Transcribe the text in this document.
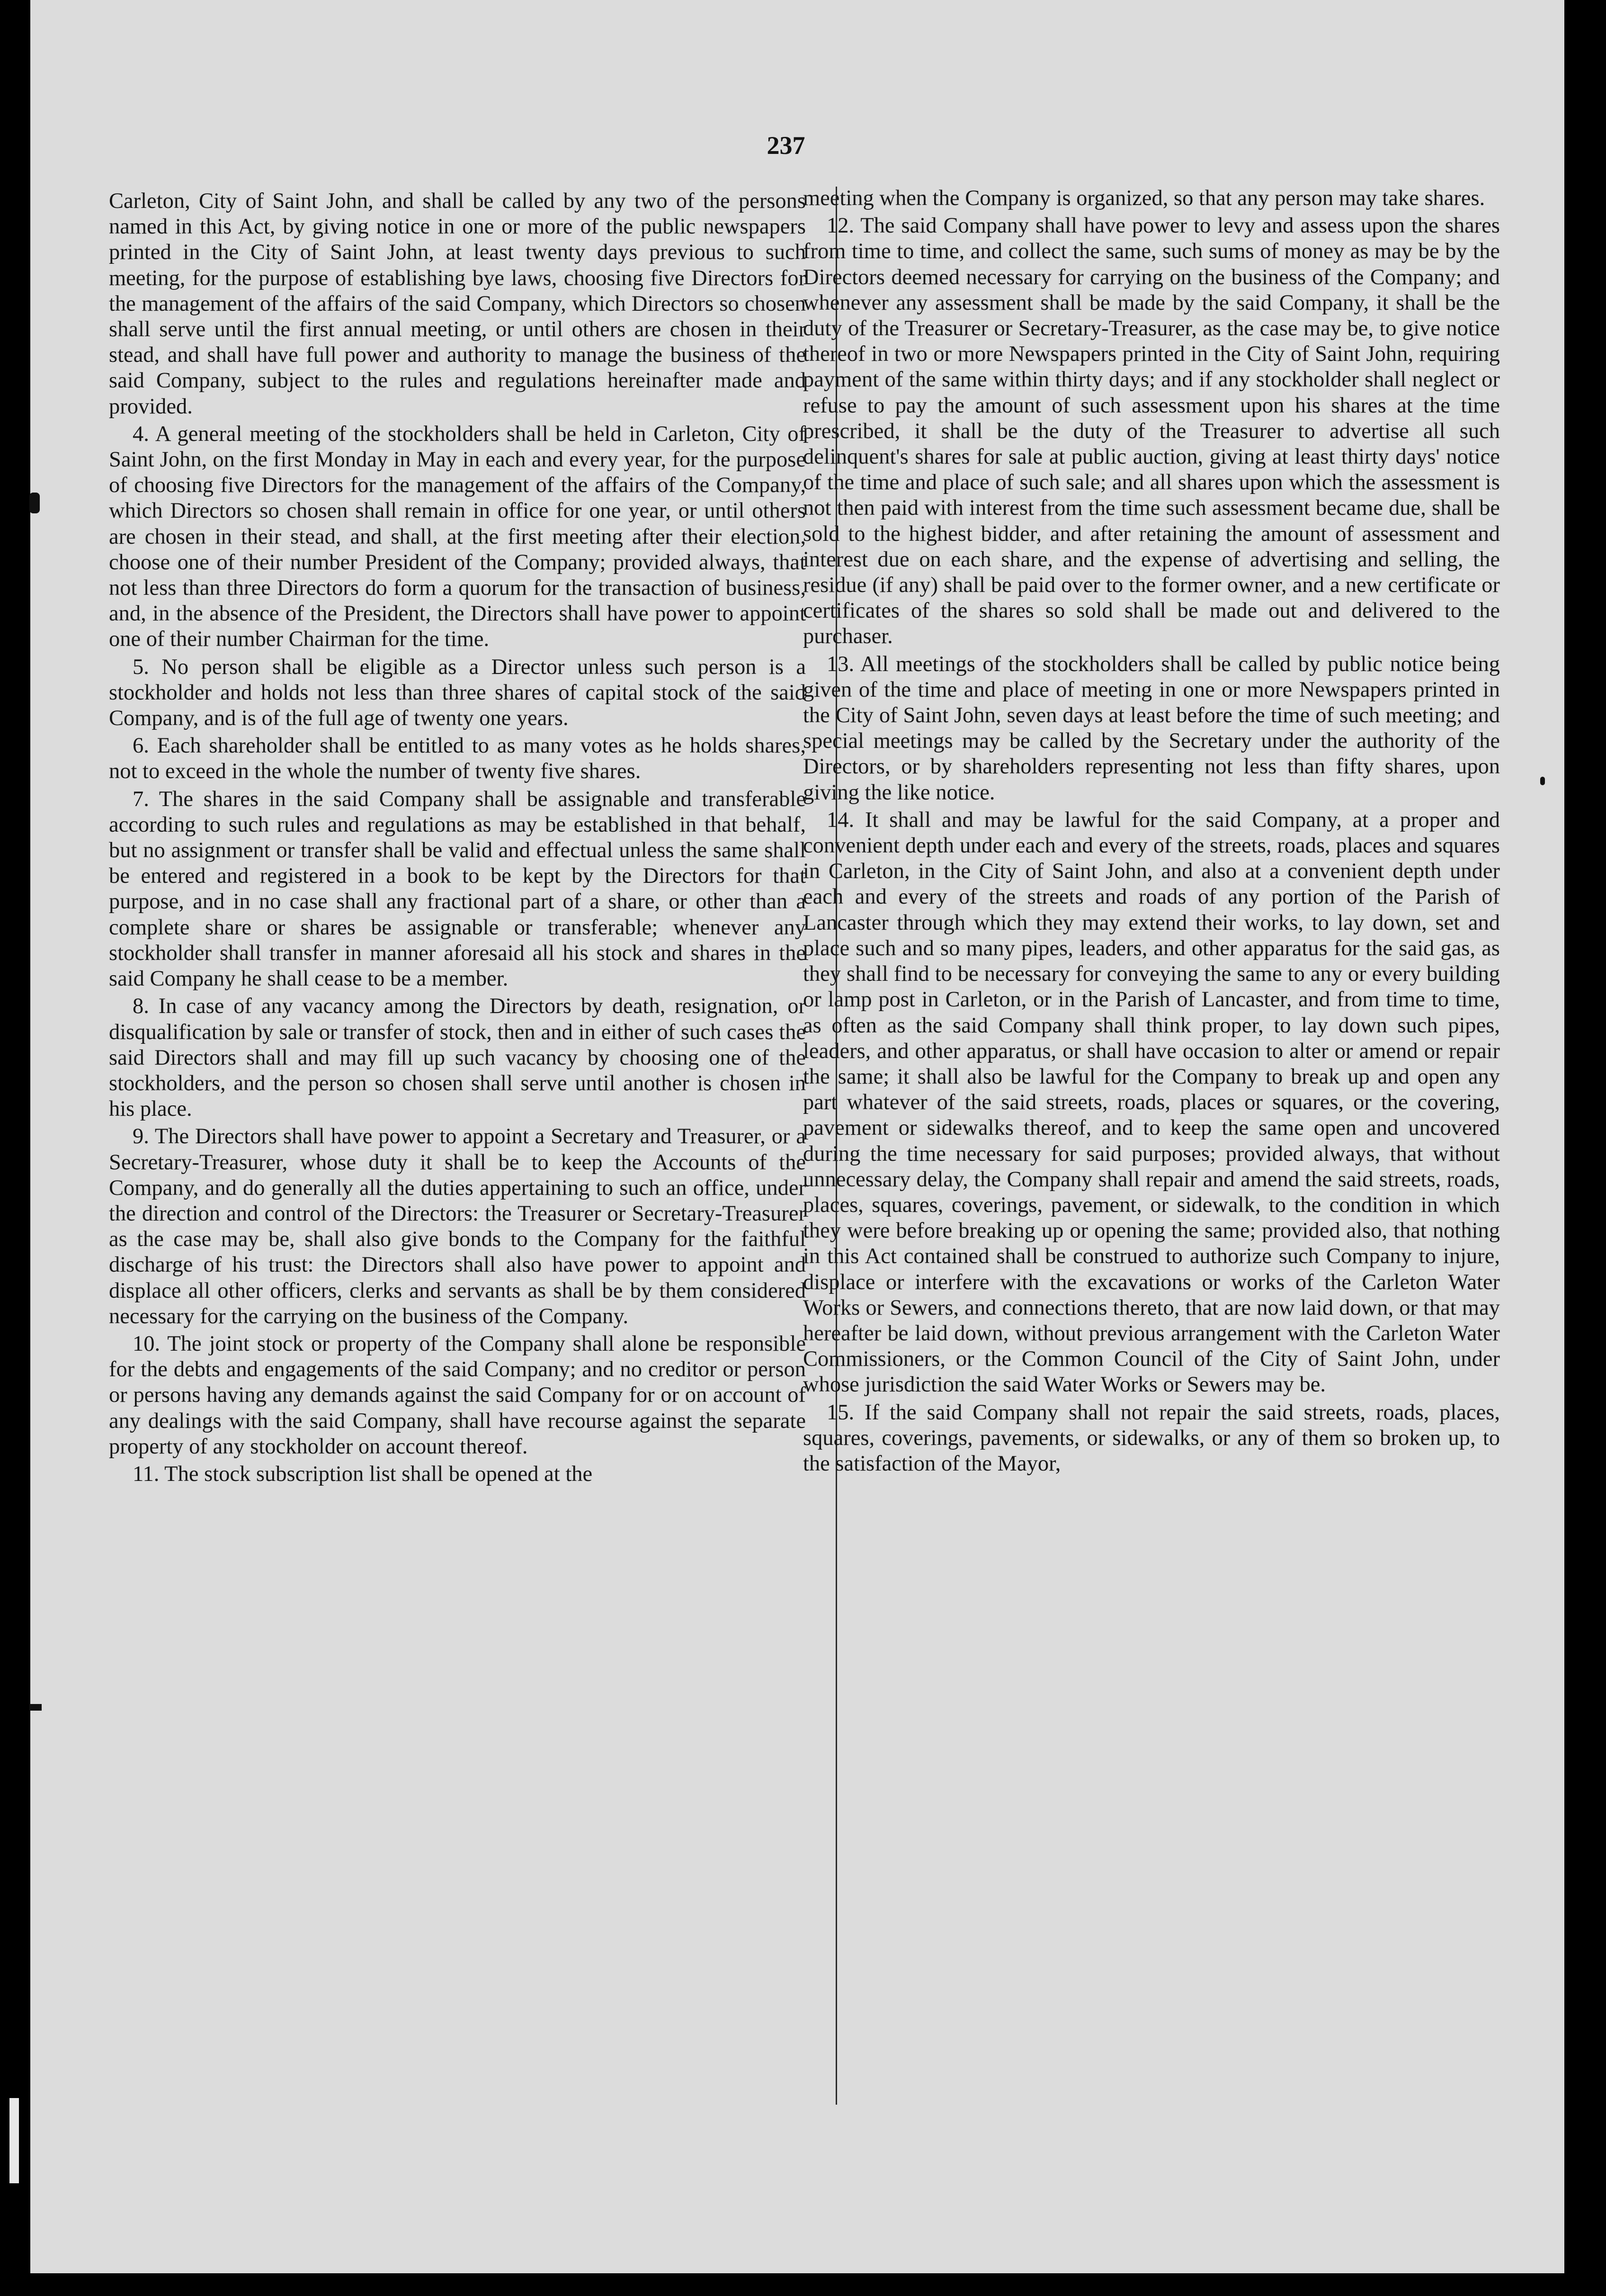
237

Carleton, City of Saint John, and shall be called by any two of the persons named in this Act, by giving notice in one or more of the public newspapers printed in the City of Saint John, at least twenty days previous to such meeting, for the purpose of establishing bye laws, choosing five Directors for the management of the affairs of the said Company, which Directors so chosen shall serve until the first annual meeting, or until others are chosen in their stead, and shall have full power and authority to manage the business of the said Company, subject to the rules and regulations hereinafter made and provided.

4. A general meeting of the stockholders shall be held in Carleton, City of Saint John, on the first Monday in May in each and every year, for the purpose of choosing five Directors for the management of the affairs of the Company, which Directors so chosen shall remain in office for one year, or until others are chosen in their stead, and shall, at the first meeting after their election, choose one of their number President of the Company; provided always, that not less than three Directors do form a quorum for the transaction of business, and, in the absence of the President, the Directors shall have power to appoint one of their number Chairman for the time.

5. No person shall be eligible as a Director unless such person is a stockholder and holds not less than three shares of capital stock of the said Company, and is of the full age of twenty one years.

6. Each shareholder shall be entitled to as many votes as he holds shares, not to exceed in the whole the number of twenty five shares.

7. The shares in the said Company shall be assignable and transferable according to such rules and regulations as may be established in that behalf, but no assignment or transfer shall be valid and effectual unless the same shall be entered and registered in a book to be kept by the Directors for that purpose, and in no case shall any fractional part of a share, or other than a complete share or shares be assignable or transferable; whenever any stockholder shall transfer in manner aforesaid all his stock and shares in the said Company he shall cease to be a member.

8. In case of any vacancy among the Directors by death, resignation, or disqualification by sale or transfer of stock, then and in either of such cases the said Directors shall and may fill up such vacancy by choosing one of the stockholders, and the person so chosen shall serve until another is chosen in his place.

9. The Directors shall have power to appoint a Secretary and Treasurer, or a Secretary-Treasurer, whose duty it shall be to keep the Accounts of the Company, and do generally all the duties appertaining to such an office, under the direction and control of the Directors: the Treasurer or Secretary-Treasurer as the case may be, shall also give bonds to the Company for the faithful discharge of his trust: the Directors shall also have power to appoint and displace all other officers, clerks and servants as shall be by them considered necessary for the carrying on the business of the Company.

10. The joint stock or property of the Company shall alone be responsible for the debts and engagements of the said Company; and no creditor or person or persons having any demands against the said Company for or on account of any dealings with the said Company, shall have recourse against the separate property of any stockholder on account thereof.

11. The stock subscription list shall be opened at the

meeting when the Company is organized, so that any person may take shares.

12. The said Company shall have power to levy and assess upon the shares from time to time, and collect the same, such sums of money as may be by the Directors deemed necessary for carrying on the business of the Company; and whenever any assessment shall be made by the said Company, it shall be the duty of the Treasurer or Secretary-Treasurer, as the case may be, to give notice thereof in two or more Newspapers printed in the City of Saint John, requiring payment of the same within thirty days; and if any stockholder shall neglect or refuse to pay the amount of such assessment upon his shares at the time prescribed, it shall be the duty of the Treasurer to advertise all such delinquent's shares for sale at public auction, giving at least thirty days' notice of the time and place of such sale; and all shares upon which the assessment is not then paid with interest from the time such assessment became due, shall be sold to the highest bidder, and after retaining the amount of assessment and interest due on each share, and the expense of advertising and selling, the residue (if any) shall be paid over to the former owner, and a new certificate or certificates of the shares so sold shall be made out and delivered to the purchaser.

13. All meetings of the stockholders shall be called by public notice being given of the time and place of meeting in one or more Newspapers printed in the City of Saint John, seven days at least before the time of such meeting; and special meetings may be called by the Secretary under the authority of the Directors, or by shareholders representing not less than fifty shares, upon giving the like notice.

14. It shall and may be lawful for the said Company, at a proper and convenient depth under each and every of the streets, roads, places and squares in Carleton, in the City of Saint John, and also at a convenient depth under each and every of the streets and roads of any portion of the Parish of Lancaster through which they may extend their works, to lay down, set and place such and so many pipes, leaders, and other apparatus for the said gas, as they shall find to be necessary for conveying the same to any or every building or lamp post in Carleton, or in the Parish of Lancaster, and from time to time, as often as the said Company shall think proper, to lay down such pipes, leaders, and other apparatus, or shall have occasion to alter or amend or repair the same; it shall also be lawful for the Company to break up and open any part whatever of the said streets, roads, places or squares, or the covering, pavement or sidewalks thereof, and to keep the same open and uncovered during the time necessary for said purposes; provided always, that without unnecessary delay, the Company shall repair and amend the said streets, roads, places, squares, coverings, pavement, or sidewalk, to the condition in which they were before breaking up or opening the same; provided also, that nothing in this Act contained shall be construed to authorize such Company to injure, displace or interfere with the excavations or works of the Carleton Water Works or Sewers, and connections thereto, that are now laid down, or that may hereafter be laid down, without previous arrangement with the Carleton Water Commissioners, or the Common Council of the City of Saint John, under whose jurisdiction the said Water Works or Sewers may be.

15. If the said Company shall not repair the said streets, roads, places, squares, coverings, pavements, or sidewalks, or any of them so broken up, to the satisfaction of the Mayor,
